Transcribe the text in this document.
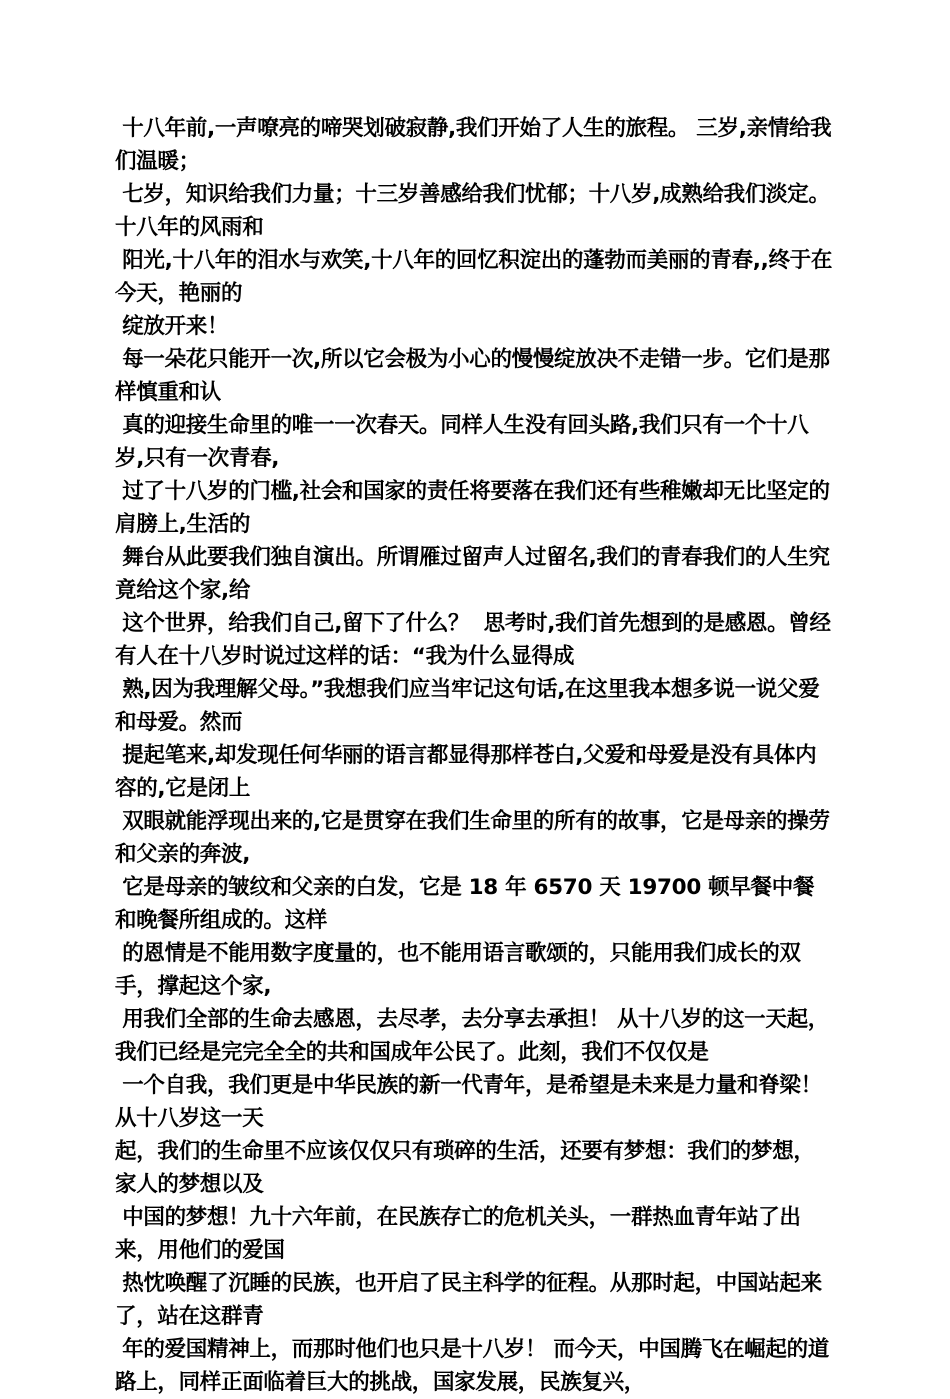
十八年前,一声嘹亮的啼哭划破寂静,我们开始了人生的旅程。 三岁,亲情给我们温暖；

七岁，知识给我们力量；十三岁善感给我们忧郁；十八岁,成熟给我们淡定。十八年的风雨和

阳光,十八年的泪水与欢笑,十八年的回忆积淀出的蓬勃而美丽的青春,,终于在今天，艳丽的

绽放开来！

每一朵花只能开一次,所以它会极为小心的慢慢绽放决不走错一步。它们是那样慎重和认

真的迎接生命里的唯一一次春天。同样人生没有回头路,我们只有一个十八岁,只有一次青春,

过了十八岁的门槛,社会和国家的责任将要落在我们还有些稚嫩却无比坚定的肩膀上,生活的

舞台从此要我们独自演出。所谓雁过留声人过留名,我们的青春我们的人生究竟给这个家,给

这个世界，给我们自己,留下了什么？  思考时,我们首先想到的是感恩。曾经有人在十八岁时说过这样的话：“我为什么显得成

熟,因为我理解父母。”我想我们应当牢记这句话,在这里我本想多说一说父爱和母爱。然而

提起笔来,却发现任何华丽的语言都显得那样苍白,父爱和母爱是没有具体内容的,它是闭上

双眼就能浮现出来的,它是贯穿在我们生命里的所有的故事，它是母亲的操劳和父亲的奔波,

它是母亲的皱纹和父亲的白发，它是 18 年 6570 天 19700 顿早餐中餐和晚餐所组成的。这样

的恩情是不能用数字度量的，也不能用语言歌颂的，只能用我们成长的双手，撑起这个家,

用我们全部的生命去感恩，去尽孝，去分享去承担！ 从十八岁的这一天起，我们已经是完完全全的共和国成年公民了。此刻，我们不仅仅是

一个自我，我们更是中华民族的新一代青年，是希望是未来是力量和脊梁！从十八岁这一天

起，我们的生命里不应该仅仅只有琐碎的生活，还要有梦想：我们的梦想，家人的梦想以及

中国的梦想！九十六年前，在民族存亡的危机关头，一群热血青年站了出来，用他们的爱国

热忱唤醒了沉睡的民族，也开启了民主科学的征程。从那时起，中国站起来了，站在这群青

年的爱国精神上，而那时他们也只是十八岁！ 而今天，中国腾飞在崛起的道路上，同样正面临着巨大的挑战，国家发展，民族复兴，
